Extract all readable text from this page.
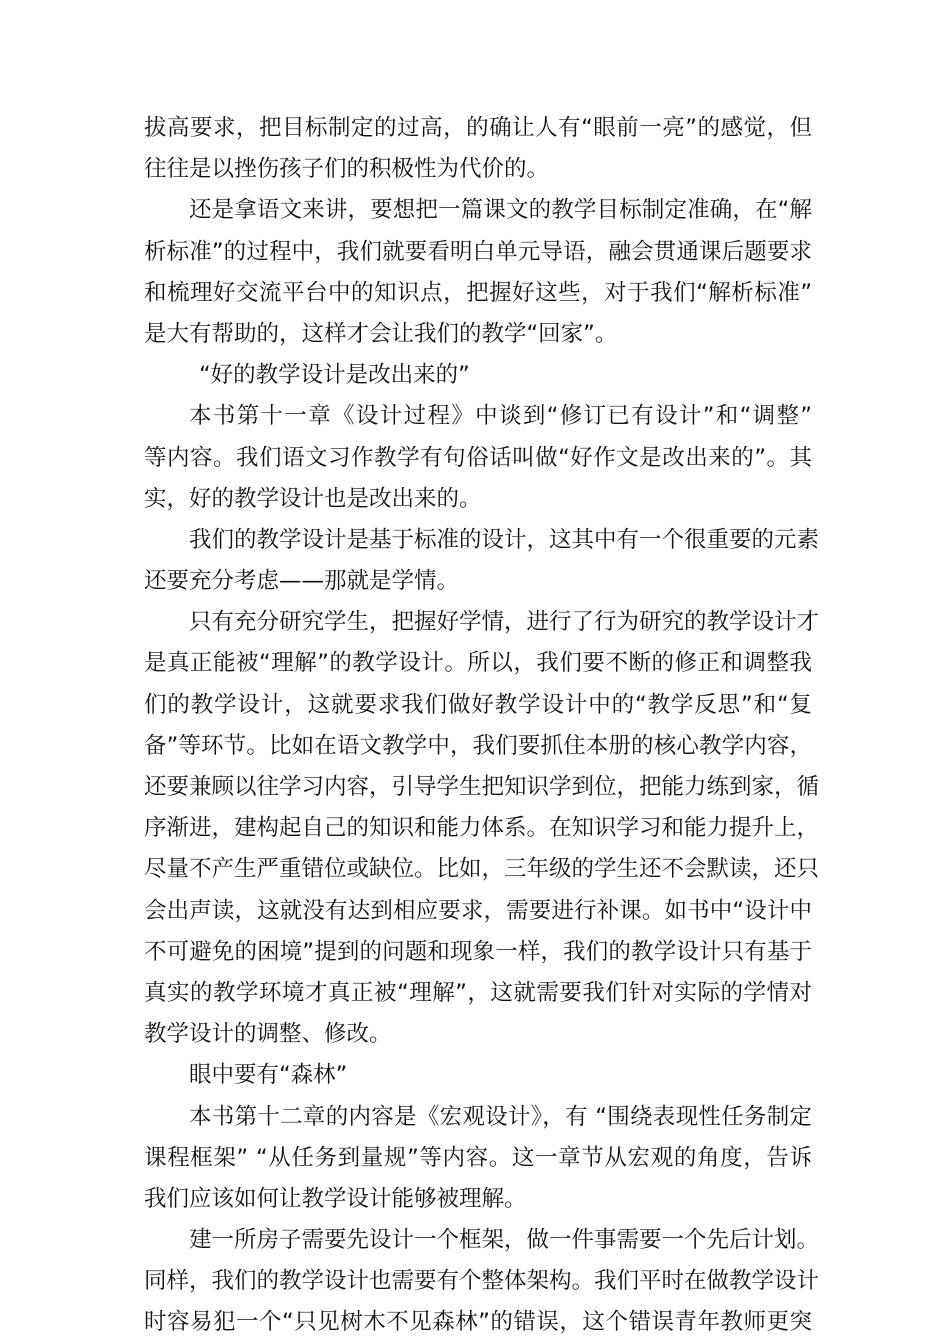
拔高要求，把目标制定的过高，的确让人有“眼前一亮”的感觉，但
往往是以挫伤孩子们的积极性为代价的。
还是拿语文来讲，要想把一篇课文的教学目标制定准确，在“解
析标准”的过程中，我们就要看明白单元导语，融会贯通课后题要求
和梳理好交流平台中的知识点，把握好这些，对于我们“解析标准”
是大有帮助的，这样才会让我们的教学“回家”。
“好的教学设计是改出来的”
本书第十一章《设计过程》中谈到“修订已有设计”和“调整”
等内容。我们语文习作教学有句俗话叫做“好作文是改出来的”。其
实，好的教学设计也是改出来的。
我们的教学设计是基于标准的设计，这其中有一个很重要的元素
还要充分考虑——那就是学情。
只有充分研究学生，把握好学情，进行了行为研究的教学设计才
是真正能被“理解”的教学设计。所以，我们要不断的修正和调整我
们的教学设计，这就要求我们做好教学设计中的“教学反思”和“复
备”等环节。比如在语文教学中，我们要抓住本册的核心教学内容，
还要兼顾以往学习内容，引导学生把知识学到位，把能力练到家，循
序渐进，建构起自己的知识和能力体系。在知识学习和能力提升上，
尽量不产生严重错位或缺位。比如，三年级的学生还不会默读，还只
会出声读，这就没有达到相应要求，需要进行补课。如书中“设计中
不可避免的困境”提到的问题和现象一样，我们的教学设计只有基于
真实的教学环境才真正被“理解”，这就需要我们针对实际的学情对
教学设计的调整、修改。
眼中要有“森林”
本书第十二章的内容是《宏观设计》，有 “围绕表现性任务制定
课程框架” “从任务到量规”等内容。这一章节从宏观的角度，告诉
我们应该如何让教学设计能够被理解。
建一所房子需要先设计一个框架，做一件事需要一个先后计划。
同样，我们的教学设计也需要有个整体架构。我们平时在做教学设计
时容易犯一个“只见树木不见森林”的错误，这个错误青年教师更突
